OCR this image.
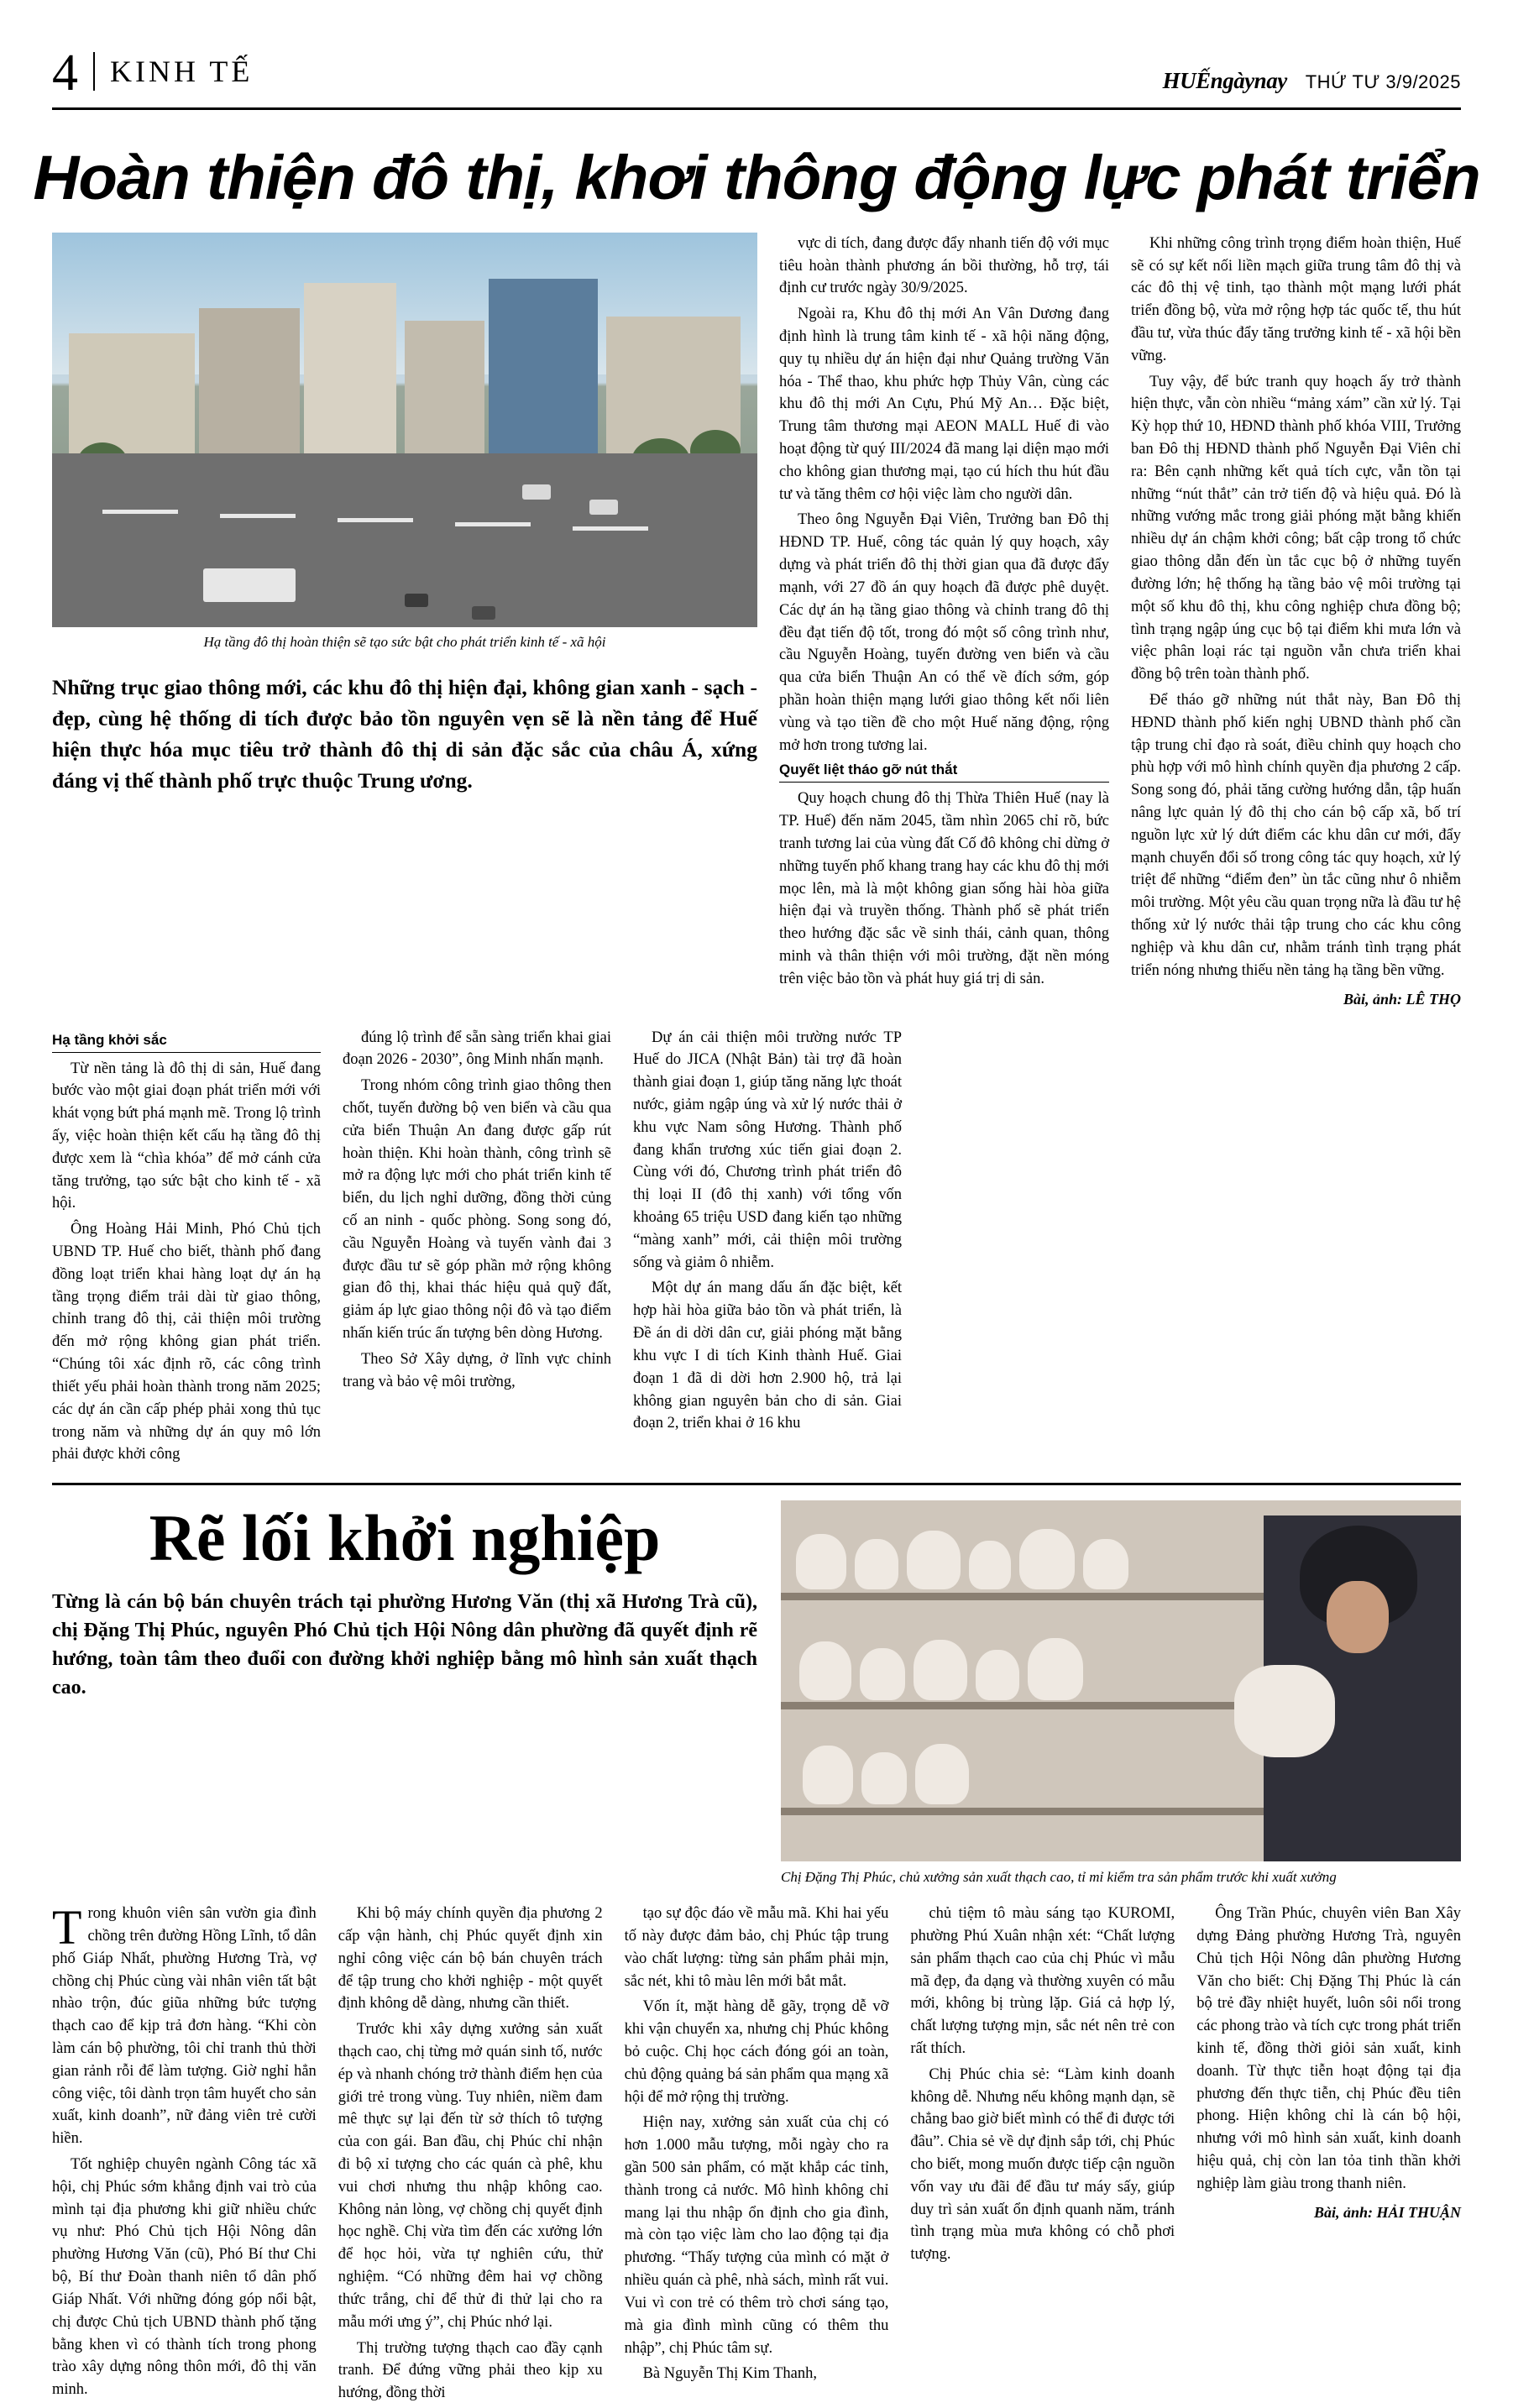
4 KINH TẾ	HUẾngàynay THỨ TƯ 3/9/2025
Hoàn thiện đô thị, khơi thông động lực phát triển
Hạ tầng đô thị hoàn thiện sẽ tạo sức bật cho phát triển kinh tế - xã hội
Những trục giao thông mới, các khu đô thị hiện đại, không gian xanh - sạch - đẹp, cùng hệ thống di tích được bảo tồn nguyên vẹn sẽ là nền tảng để Huế hiện thực hóa mục tiêu trở thành đô thị di sản đặc sắc của châu Á, xứng đáng vị thế thành phố trực thuộc Trung ương.

vực di tích, đang được đẩy nhanh tiến độ với mục tiêu hoàn thành phương án bồi thường, hỗ trợ, tái định cư trước ngày 30/9/2025.

Ngoài ra, Khu đô thị mới An Vân Dương đang định hình là trung tâm kinh tế - xã hội năng động, quy tụ nhiều dự án hiện đại như Quảng trường Văn hóa - Thể thao, khu phức hợp Thủy Vân, cùng các khu đô thị mới An Cựu, Phú Mỹ An… Đặc biệt, Trung tâm thương mại AEON MALL Huế đi vào hoạt động từ quý III/2024 đã mang lại diện mạo mới cho không gian thương mại, tạo cú hích thu hút đầu tư và tăng thêm cơ hội việc làm cho người dân.

Theo ông Nguyễn Đại Viên, Trưởng ban Đô thị HĐND TP. Huế, công tác quản lý quy hoạch, xây dựng và phát triển đô thị thời gian qua đã được đẩy mạnh, với 27 đồ án quy hoạch đã được phê duyệt. Các dự án hạ tầng giao thông và chỉnh trang đô thị đều đạt tiến độ tốt, trong đó một số công trình như, cầu Nguyễn Hoàng, tuyến đường ven biển và cầu qua cửa biển Thuận An có thể về đích sớm, góp phần hoàn thiện mạng lưới giao thông kết nối liên vùng và tạo tiền đề cho một Huế năng động, rộng mở hơn trong tương lai.

Quyết liệt tháo gỡ nút thắt

Quy hoạch chung đô thị Thừa Thiên Huế (nay là TP. Huế) đến năm 2045, tầm nhìn 2065 chỉ rõ, bức tranh tương lai của vùng đất Cố đô không chỉ dừng ở những tuyến phố khang trang hay các khu đô thị mới mọc lên, mà là một không gian sống hài hòa giữa hiện đại và truyền thống. Thành phố sẽ phát triển theo hướng đặc sắc về sinh thái, cảnh quan, thông minh và thân thiện với môi trường, đặt nền móng trên việc bảo tồn và phát huy giá trị di sản.

Khi những công trình trọng điểm hoàn thiện, Huế sẽ có sự kết nối liền mạch giữa trung tâm đô thị và các đô thị vệ tinh, tạo thành một mạng lưới phát triển đồng bộ, vừa mở rộng hợp tác quốc tế, thu hút đầu tư, vừa thúc đẩy tăng trưởng kinh tế - xã hội bền vững.

Tuy vậy, để bức tranh quy hoạch ấy trở thành hiện thực, vẫn còn nhiều “mảng xám” cần xử lý. Tại Kỳ họp thứ 10, HĐND thành phố khóa VIII, Trưởng ban Đô thị HĐND thành phố Nguyễn Đại Viên chỉ ra: Bên cạnh những kết quả tích cực, vẫn tồn tại những “nút thắt” cản trở tiến độ và hiệu quả. Đó là những vướng mắc trong giải phóng mặt bằng khiến nhiều dự án chậm khởi công; bất cập trong tổ chức giao thông dẫn đến ùn tắc cục bộ ở những tuyến đường lớn; hệ thống hạ tầng bảo vệ môi trường tại một số khu đô thị, khu công nghiệp chưa đồng bộ; tình trạng ngập úng cục bộ tại điểm khi mưa lớn và việc phân loại rác tại nguồn vẫn chưa triển khai đồng bộ trên toàn thành phố.

Để tháo gỡ những nút thắt này, Ban Đô thị HĐND thành phố kiến nghị UBND thành phố cần tập trung chỉ đạo rà soát, điều chỉnh quy hoạch cho phù hợp với mô hình chính quyền địa phương 2 cấp. Song song đó, phải tăng cường hướng dẫn, tập huấn nâng lực quản lý đô thị cho cán bộ cấp xã, bố trí nguồn lực xử lý dứt điểm các khu dân cư mới, đẩy mạnh chuyển đổi số trong công tác quy hoạch, xử lý triệt để những “điểm đen” ùn tắc cũng như ô nhiễm môi trường. Một yêu cầu quan trọng nữa là đầu tư hệ thống xử lý nước thải tập trung cho các khu công nghiệp và khu dân cư, nhằm tránh tình trạng phát triển nóng nhưng thiếu nền tảng hạ tầng bền vững.

Bài, ảnh: LÊ THỌ
Hạ tầng khởi sắc

Từ nền tảng là đô thị di sản, Huế đang bước vào một giai đoạn phát triển mới với khát vọng bứt phá mạnh mẽ. Trong lộ trình ấy, việc hoàn thiện kết cấu hạ tầng đô thị được xem là “chìa khóa” để mở cánh cửa tăng trưởng, tạo sức bật cho kinh tế - xã hội.

Ông Hoàng Hải Minh, Phó Chủ tịch UBND TP. Huế cho biết, thành phố đang đồng loạt triển khai hàng loạt dự án hạ tầng trọng điểm trải dài từ giao thông, chỉnh trang đô thị, cải thiện môi trường đến mở rộng không gian phát triển. “Chúng tôi xác định rõ, các công trình thiết yếu phải hoàn thành trong năm 2025; các dự án cần cấp phép phải xong thủ tục trong năm và những dự án quy mô lớn phải được khởi công

đúng lộ trình để sẵn sàng triển khai giai đoạn 2026 - 2030”, ông Minh nhấn mạnh.

Trong nhóm công trình giao thông then chốt, tuyến đường bộ ven biển và cầu qua cửa biển Thuận An đang được gấp rút hoàn thiện. Khi hoàn thành, công trình sẽ mở ra động lực mới cho phát triển kinh tế biển, du lịch nghỉ dưỡng, đồng thời củng cố an ninh - quốc phòng. Song song đó, cầu Nguyễn Hoàng và tuyến vành đai 3 được đầu tư sẽ góp phần mở rộng không gian đô thị, khai thác hiệu quả quỹ đất, giảm áp lực giao thông nội đô và tạo điểm nhấn kiến trúc ấn tượng bên dòng Hương.

Theo Sở Xây dựng, ở lĩnh vực chỉnh trang và bảo vệ môi trường,

Dự án cải thiện môi trường nước TP Huế do JICA (Nhật Bản) tài trợ đã hoàn thành giai đoạn 1, giúp tăng năng lực thoát nước, giảm ngập úng và xử lý nước thải ở khu vực Nam sông Hương. Thành phố đang khẩn trương xúc tiến giai đoạn 2. Cùng với đó, Chương trình phát triển đô thị loại II (đô thị xanh) với tổng vốn khoảng 65 triệu USD đang kiến tạo những “màng xanh” mới, cải thiện môi trường sống và giảm ô nhiễm.

Một dự án mang dấu ấn đặc biệt, kết hợp hài hòa giữa bảo tồn và phát triển, là Đề án di dời dân cư, giải phóng mặt bằng khu vực I di tích Kinh thành Huế. Giai đoạn 1 đã di dời hơn 2.900 hộ, trả lại không gian nguyên bản cho di sản. Giai đoạn 2, triển khai ở 16 khu

Rẽ lối khởi nghiệp
Từng là cán bộ bán chuyên trách tại phường Hương Văn (thị xã Hương Trà cũ), chị Đặng Thị Phúc, nguyên Phó Chủ tịch Hội Nông dân phường đã quyết định rẽ hướng, toàn tâm theo đuổi con đường khởi nghiệp bằng mô hình sản xuất thạch cao.
Chị Đặng Thị Phúc, chủ xưởng sản xuất thạch cao, tỉ mỉ kiểm tra sản phẩm trước khi xuất xưởng

Trong khuôn viên sân vườn gia đình chồng trên đường Hồng Lĩnh, tổ dân phố Giáp Nhất, phường Hương Trà, vợ chồng chị Phúc cùng vài nhân viên tất bật nhào trộn, đúc giũa những bức tượng thạch cao để kịp trả đơn hàng. “Khi còn làm cán bộ phường, tôi chỉ tranh thủ thời gian rảnh rỗi để làm tượng. Giờ nghỉ hẳn công việc, tôi dành trọn tâm huyết cho sản xuất, kinh doanh”, nữ đảng viên trẻ cười hiền.

Tốt nghiệp chuyên ngành Công tác xã hội, chị Phúc sớm khẳng định vai trò của mình tại địa phương khi giữ nhiều chức vụ như: Phó Chủ tịch Hội Nông dân phường Hương Văn (cũ), Phó Bí thư Chi bộ, Bí thư Đoàn thanh niên tổ dân phố Giáp Nhất. Với những đóng góp nổi bật, chị được Chủ tịch UBND thành phố tặng bằng khen vì có thành tích trong phong trào xây dựng nông thôn mới, đô thị văn minh.

Khi bộ máy chính quyền địa phương 2 cấp vận hành, chị Phúc quyết định xin nghỉ công việc cán bộ bán chuyên trách để tập trung cho khởi nghiệp - một quyết định không dễ dàng, nhưng cần thiết.

Trước khi xây dựng xưởng sản xuất thạch cao, chị từng mở quán sinh tố, nước ép và nhanh chóng trở thành điểm hẹn của giới trẻ trong vùng. Tuy nhiên, niềm đam mê thực sự lại đến từ sở thích tô tượng của con gái. Ban đầu, chị Phúc chỉ nhận đi bộ xỉ tượng cho các quán cà phê, khu vui chơi nhưng thu nhập không cao. Không nản lòng, vợ chồng chị quyết định học nghề. Chị vừa tìm đến các xưởng lớn để học hỏi, vừa tự nghiên cứu, thử nghiệm. “Có những đêm hai vợ chồng thức trắng, chỉ để thử đi thử lại cho ra mẫu mới ưng ý”, chị Phúc nhớ lại.

Thị trường tượng thạch cao đầy cạnh tranh. Để đứng vững phải theo kịp xu hướng, đồng thời

tạo sự độc đáo về mẫu mã. Khi hai yếu tố này được đảm bảo, chị Phúc tập trung vào chất lượng: từng sản phẩm phải mịn, sắc nét, khi tô màu lên mới bắt mắt.

Vốn ít, mặt hàng dễ gãy, trọng dễ vỡ khi vận chuyển xa, nhưng chị Phúc không bỏ cuộc. Chị học cách đóng gói an toàn, chủ động quảng bá sản phẩm qua mạng xã hội để mở rộng thị trường.

Hiện nay, xưởng sản xuất của chị có hơn 1.000 mẫu tượng, mỗi ngày cho ra gần 500 sản phẩm, có mặt khắp các tỉnh, thành trong cả nước. Mô hình không chỉ mang lại thu nhập ổn định cho gia đình, mà còn tạo việc làm cho lao động tại địa phương. “Thấy tượng của mình có mặt ở nhiều quán cà phê, nhà sách, mình rất vui. Vui vì con trẻ có thêm trò chơi sáng tạo, mà gia đình mình cũng có thêm thu nhập”, chị Phúc tâm sự.

Bà Nguyễn Thị Kim Thanh,

chủ tiệm tô màu sáng tạo KUROMI, phường Phú Xuân nhận xét: “Chất lượng sản phẩm thạch cao của chị Phúc vì mẫu mã đẹp, đa dạng và thường xuyên có mẫu mới, không bị trùng lặp. Giá cả hợp lý, chất lượng tượng mịn, sắc nét nên trẻ con rất thích.

Chị Phúc chia sẻ: “Làm kinh doanh không dễ. Nhưng nếu không mạnh dạn, sẽ chẳng bao giờ biết mình có thể đi được tới đâu”. Chia sẻ về dự định sắp tới, chị Phúc cho biết, mong muốn được tiếp cận nguồn vốn vay ưu đãi để đầu tư máy sấy, giúp duy trì sản xuất ổn định quanh năm, tránh tình trạng mùa mưa không có chỗ phơi tượng.

Ông Trần Phúc, chuyên viên Ban Xây dựng Đảng phường Hương Trà, nguyên Chủ tịch Hội Nông dân phường Hương Văn cho biết: Chị Đặng Thị Phúc là cán bộ trẻ đầy nhiệt huyết, luôn sôi nổi trong các phong trào và tích cực trong phát triển kinh tế, đồng thời giỏi sản xuất, kinh doanh. Từ thực tiễn hoạt động tại địa phương đến thực tiễn, chị Phúc đều tiên phong. Hiện không chỉ là cán bộ hội, nhưng với mô hình sản xuất, kinh doanh hiệu quả, chị còn lan tỏa tinh thần khởi nghiệp làm giàu trong thanh niên.

Bài, ảnh: HẢI THUẬN
